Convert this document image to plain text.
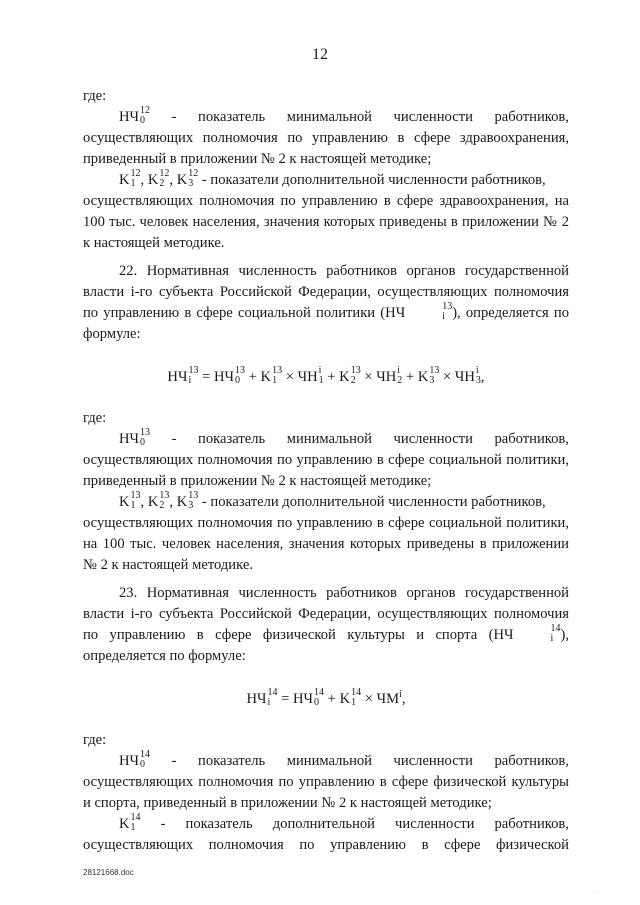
12

где:

НЧ 12
0	- показатель минимальной численности работников,

осуществляющих полномочия по управлению в сфере здравоохранения, приведенный в приложении № 2 к настоящей методике;

K 12
1 , K 12
2 , K 12
3 - показатели дополнительной численности работников,

осуществляющих полномочия по управлению в сфере здравоохранения, на 100 тыс. человек населения, значения которых приведены в приложении № 2 к настоящей методике.

22. Нормативная численность работников органов государственной власти i-го субъекта Российской Федерации, осуществляющих полномочия по управлению в сфере социальной политики (НЧ	13
i ), определяется по формуле:

НЧ 13
i = НЧ 13
0 + K 13
1 × ЧН i
1 + K 13
2 × ЧН i
2 + K 13
3 × ЧН i
3 ,

где:

НЧ 13
0	- показатель минимальной численности работников,

осуществляющих полномочия по управлению в сфере социальной политики, приведенный в приложении № 2 к настоящей методике;

K 13
1 , K 13
2 , K 13
3 - показатели дополнительной численности работников,

осуществляющих полномочия по управлению в сфере социальной политики, на 100 тыс. человек населения, значения которых приведены в приложении № 2 к настоящей методике.

23. Нормативная численность работников органов государственной власти i-го субъекта Российской Федерации, осуществляющих полномочия по управлению в сфере физической культуры и спорта (НЧ	14
i ), определяется по формуле:

НЧ 14
i = НЧ 14
0 + K 14
$1 \times ЧМ^i$,

где:

НЧ 14
0	- показатель минимальной численности работников,

осуществляющих полномочия по управлению в сфере физической культуры и спорта, приведенный в приложении № 2 к настоящей методике;

K 14
1	- показатель дополнительной численности работников,
осуществляющих полномочия по управлению в сфере физической
28121668.doc
·
